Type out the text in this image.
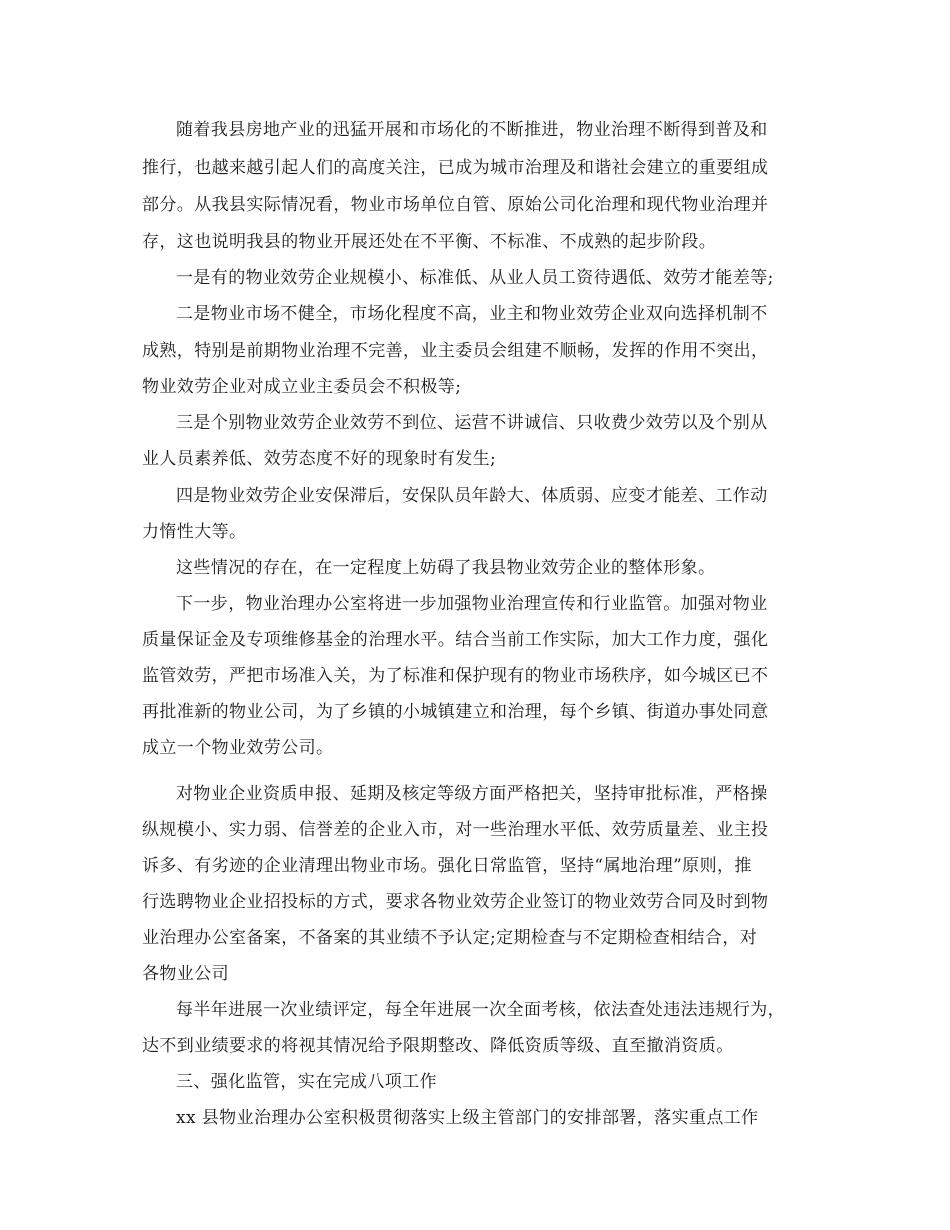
随着我县房地产业的迅猛开展和市场化的不断推进，物业治理不断得到普及和
推行，也越来越引起人们的高度关注，已成为城市治理及和谐社会建立的重要组成
部分。从我县实际情况看，物业市场单位自管、原始公司化治理和现代物业治理并
存，这也说明我县的物业开展还处在不平衡、不标准、不成熟的起步阶段。
一是有的物业效劳企业规模小、标准低、从业人员工资待遇低、效劳才能差等;
二是物业市场不健全，市场化程度不高，业主和物业效劳企业双向选择机制不
成熟，特别是前期物业治理不完善，业主委员会组建不顺畅，发挥的作用不突出，
物业效劳企业对成立业主委员会不积极等;
三是个别物业效劳企业效劳不到位、运营不讲诚信、只收费少效劳以及个别从
业人员素养低、效劳态度不好的现象时有发生;
四是物业效劳企业安保滞后，安保队员年龄大、体质弱、应变才能差、工作动
力惰性大等。
这些情况的存在，在一定程度上妨碍了我县物业效劳企业的整体形象。
下一步，物业治理办公室将进一步加强物业治理宣传和行业监管。加强对物业
质量保证金及专项维修基金的治理水平。结合当前工作实际，加大工作力度，强化
监管效劳，严把市场准入关，为了标准和保护现有的物业市场秩序，如今城区已不
再批准新的物业公司，为了乡镇的小城镇建立和治理，每个乡镇、街道办事处同意
成立一个物业效劳公司。
对物业企业资质申报、延期及核定等级方面严格把关，坚持审批标准，严格操
纵规模小、实力弱、信誉差的企业入市，对一些治理水平低、效劳质量差、业主投
诉多、有劣迹的企业清理出物业市场。强化日常监管，坚持“属地治理”原则，推
行选聘物业企业招投标的方式，要求各物业效劳企业签订的物业效劳合同及时到物
业治理办公室备案，不备案的其业绩不予认定;定期检查与不定期检查相结合，对
各物业公司
每半年进展一次业绩评定，每全年进展一次全面考核，依法查处违法违规行为，
达不到业绩要求的将视其情况给予限期整改、降低资质等级、直至撤消资质。
三、强化监管，实在完成八项工作
xx 县物业治理办公室积极贯彻落实上级主管部门的安排部署，落实重点工作
